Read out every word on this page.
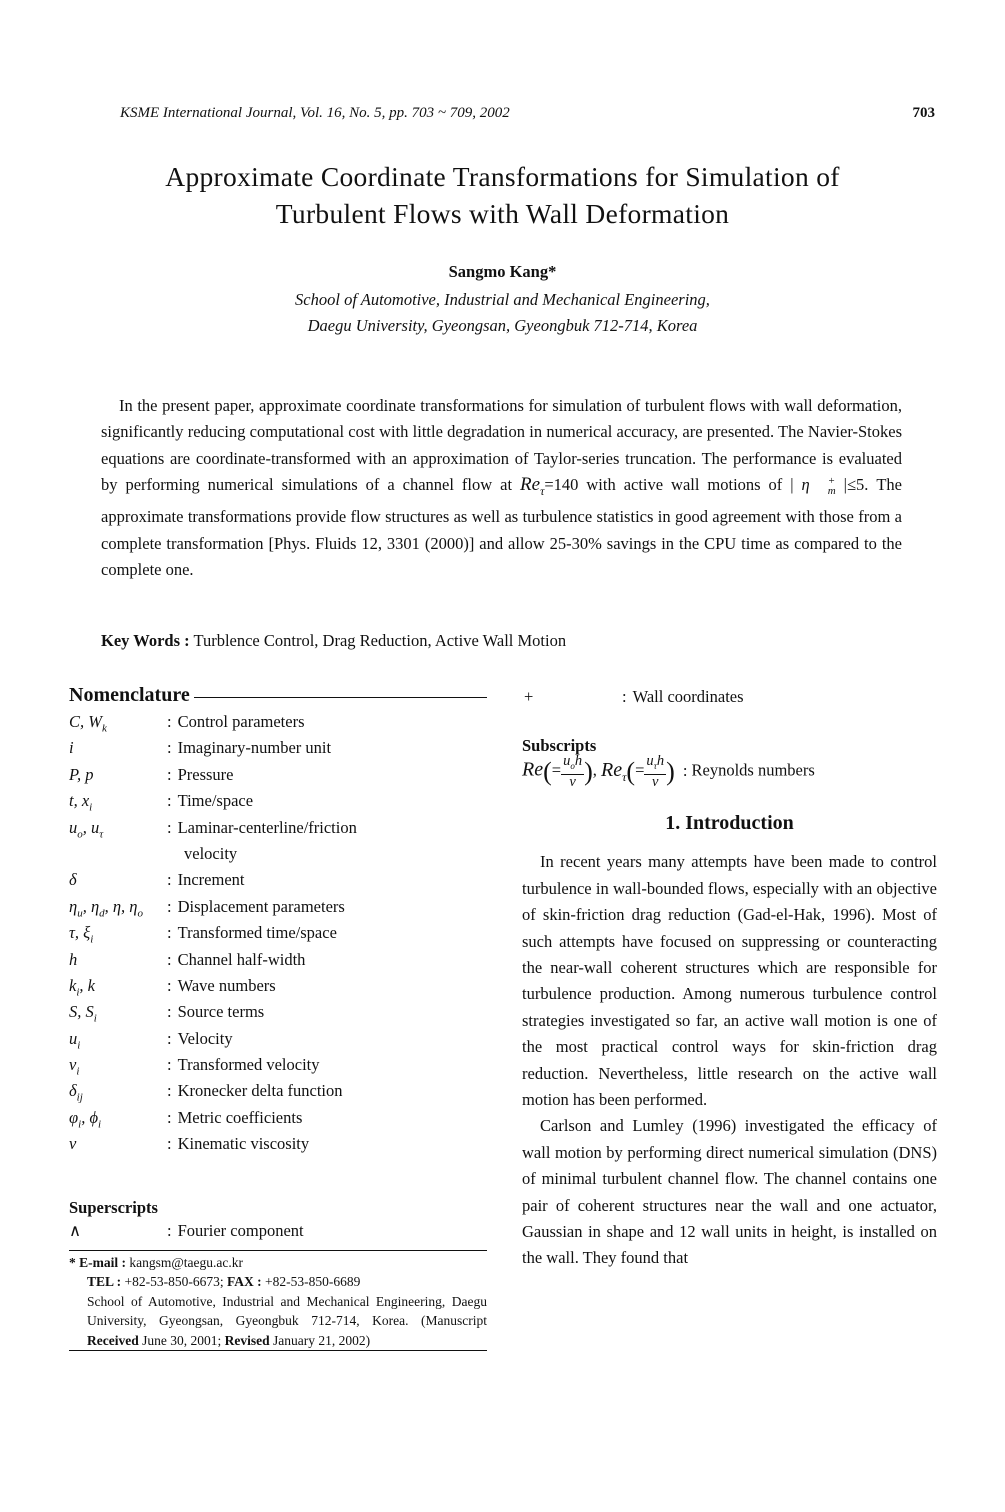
KSME International Journal, Vol. 16, No. 5, pp. 703 ~ 709, 2002	703
Approximate Coordinate Transformations for Simulation of
Turbulent Flows with Wall Deformation
Sangmo Kang*
School of Automotive, Industrial and Mechanical Engineering,
Daegu University, Gyeongsan, Gyeongbuk 712-714, Korea

In the present paper, approximate coordinate transformations for simulation of turbulent flows with wall deformation, significantly reducing computational cost with little degradation in numerical accuracy, are presented. The Navier-Stokes equations are coordinate-transformed with an approximation of Taylor-series truncation. The performance is evaluated by performing numerical simulations of a channel flow at $Re_\tau=140$ with active wall motions of | η	+
m |≤5. The approximate transformations provide flow structures as well as turbulence statistics in good agreement with those from a complete transformation [Phys. Fluids 12, 3301 (2000)] and allow 25-30% savings in the CPU time as compared to the complete one.

Key Words : Turblence Control, Drag Reduction, Active Wall Motion
Nomenclature
C, $W_k$	: Control parameters
i	: Imaginary-number unit
P, p	: Pressure
t, $x_i$	: Time/space
$u_o$, $u_\tau$	: Laminar-centerline/friction
velocity
δ	: Increment
$\eta_u$, $\eta_d$, η, $\eta_o$	: Displacement parameters
τ, $\xi_i$	: Transformed time/space
h	: Channel half-width
$k_i$, k	: Wave numbers
S, $S_i$	: Source terms
$u_i$	: Velocity
$v_i$	: Transformed velocity
$\delta_{ij}$	: Kronecker delta function
$\varphi_i$, $\phi_i$	: Metric coefficients
ν	: Kinematic viscosity
Superscripts
∧	: Fourier component
* E-mail : kangsm@taegu.ac.kr
TEL : +82-53-850-6673; FAX : +82-53-850-6689
School of Automotive, Industrial and Mechanical Engineering, Daegu University, Gyeongsan, Gyeongbuk 712-714, Korea. (Manuscript Received June 30, 2001; Revised January 21, 2002)
+	: Wall coordinates
Subscripts
$Re(= \frac{u_oh}{\nu}$ ), $Re_\tau(= \frac{u_\tau h}{\nu}$ ) : Reynolds numbers
1. Introduction

In recent years many attempts have been made to control turbulence in wall-bounded flows, especially with an objective of skin-friction drag reduction (Gad-el-Hak, 1996). Most of such attempts have focused on suppressing or counteracting the near-wall coherent structures which are responsible for turbulence production. Among numerous turbulence control strategies investigated so far, an active wall motion is one of the most practical control ways for skin-friction drag reduction. Nevertheless, little research on the active wall motion has been performed.

Carlson and Lumley (1996) investigated the efficacy of wall motion by performing direct numerical simulation (DNS) of minimal turbulent channel flow. The channel contains one pair of coherent structures near the wall and one actuator, Gaussian in shape and 12 wall units in height, is installed on the wall. They found that
